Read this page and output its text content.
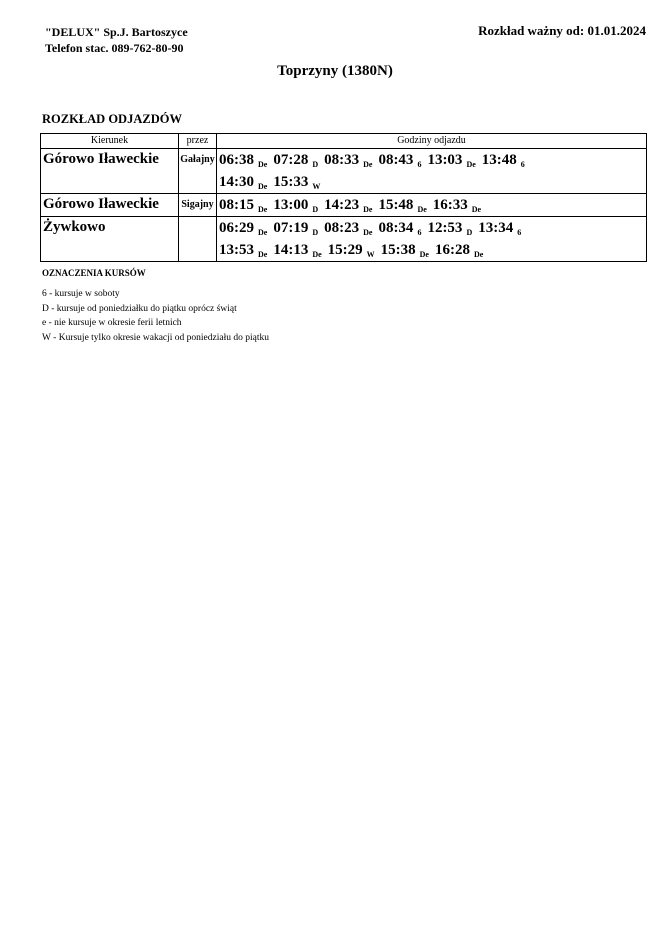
"DELUX" Sp.J. Bartoszyce
Telefon stac. 089-762-80-90
Rozkład ważny od: 01.01.2024
Toprzyny (1380N)
ROZKŁAD ODJAZDÓW
Kierunek	przez	Godziny odjazdu
Górowo Iławeckie	Gałajny	06:38 $_{De}$ 07:28 $_D$ 08:33 $_{De}$ 08:43 $_6$ 13:03 $_{De}$ 13:48 $_6$
14:30 $_{De}$ 15:33 $_W$

Górowo Iławeckie	Sigajny	08:15 $_{De}$ 13:00 $_D$ 14:23 $_{De}$ 15:48 $_{De}$ 16:33 $_{De}$

Żywkowo		06:29 $_{De}$ 07:19 $_D$ 08:23 $_{De}$ 08:34 $_6$ 12:53 $_D$ 13:34 $_6$
13:53 $_{De}$ 14:13 $_{De}$ 15:29 $_W$ 15:38 $_{De}$ 16:28 $_{De}$
OZNACZENIA KURSÓW
6 - kursuje w soboty
D - kursuje od poniedziałku do piątku oprócz świąt
e - nie kursuje w okresie ferii letnich
W - Kursuje tylko okresie wakacji od poniedziału do piątku
